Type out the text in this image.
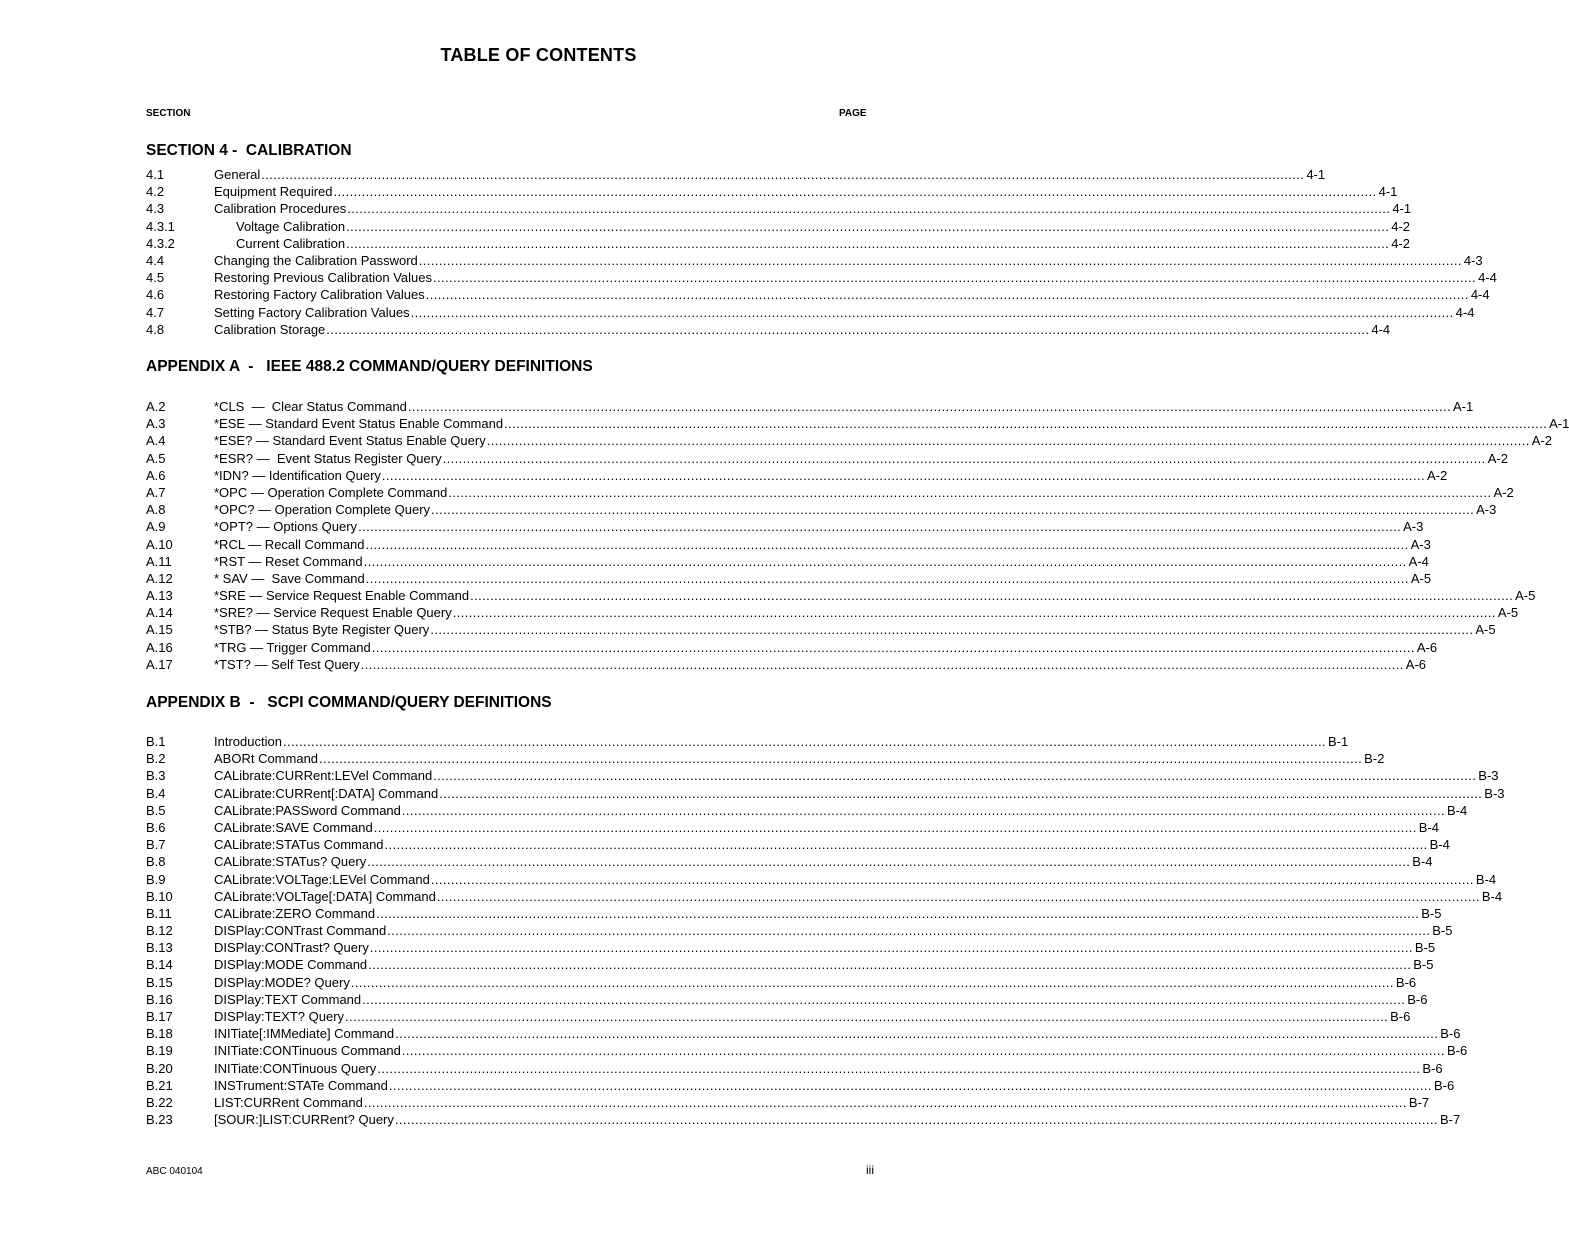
TABLE OF CONTENTS
SECTION	PAGE
SECTION 4 -  CALIBRATION
4.1	General .................................................................................................................................................................................................................................................................... 4-1
4.2	Equipment Required .................................................................................................................................................................................................................................................................... 4-1
4.3	Calibration Procedures .................................................................................................................................................................................................................................................................... 4-1
4.3.1	Voltage Calibration .................................................................................................................................................................................................................................................................... 4-2
4.3.2	Current Calibration .................................................................................................................................................................................................................................................................... 4-2
4.4	Changing the Calibration Password .................................................................................................................................................................................................................................................................... 4-3
4.5	Restoring Previous Calibration Values .................................................................................................................................................................................................................................................................... 4-4
4.6	Restoring Factory Calibration Values .................................................................................................................................................................................................................................................................... 4-4
4.7	Setting Factory Calibration Values .................................................................................................................................................................................................................................................................... 4-4
4.8	Calibration Storage .................................................................................................................................................................................................................................................................... 4-4
APPENDIX A  -   IEEE 488.2 COMMAND/QUERY DEFINITIONS
A.2	*CLS  —  Clear Status Command .................................................................................................................................................................................................................................................................... A-1
A.3	*ESE — Standard Event Status Enable Command .................................................................................................................................................................................................................................................................... A-1
A.4	*ESE? — Standard Event Status Enable Query .................................................................................................................................................................................................................................................................... A-2
A.5	*ESR? —  Event Status Register Query .................................................................................................................................................................................................................................................................... A-2
A.6	*IDN? — Identification Query .................................................................................................................................................................................................................................................................... A-2
A.7	*OPC — Operation Complete Command .................................................................................................................................................................................................................................................................... A-2
A.8	*OPC? — Operation Complete Query .................................................................................................................................................................................................................................................................... A-3
A.9	*OPT? — Options Query .................................................................................................................................................................................................................................................................... A-3
A.10	*RCL — Recall Command .................................................................................................................................................................................................................................................................... A-3
A.11	*RST — Reset Command .................................................................................................................................................................................................................................................................... A-4
A.12	* SAV —  Save Command .................................................................................................................................................................................................................................................................... A-5
A.13	*SRE — Service Request Enable Command .................................................................................................................................................................................................................................................................... A-5
A.14	*SRE? — Service Request Enable Query .................................................................................................................................................................................................................................................................... A-5
A.15	*STB? — Status Byte Register Query .................................................................................................................................................................................................................................................................... A-5
A.16	*TRG — Trigger Command .................................................................................................................................................................................................................................................................... A-6
A.17	*TST? — Self Test Query .................................................................................................................................................................................................................................................................... A-6
APPENDIX B  -   SCPI COMMAND/QUERY DEFINITIONS
B.1	Introduction .................................................................................................................................................................................................................................................................... B-1
B.2	ABORt Command .................................................................................................................................................................................................................................................................... B-2
B.3	CALibrate:CURRent:LEVel Command .................................................................................................................................................................................................................................................................... B-3
B.4	CALibrate:CURRent[:DATA] Command .................................................................................................................................................................................................................................................................... B-3
B.5	CALibrate:PASSword Command .................................................................................................................................................................................................................................................................... B-4
B.6	CALibrate:SAVE Command .................................................................................................................................................................................................................................................................... B-4
B.7	CALibrate:STATus Command .................................................................................................................................................................................................................................................................... B-4
B.8	CALibrate:STATus? Query .................................................................................................................................................................................................................................................................... B-4
B.9	CALibrate:VOLTage:LEVel Command .................................................................................................................................................................................................................................................................... B-4
B.10	CALibrate:VOLTage[:DATA] Command .................................................................................................................................................................................................................................................................... B-4
B.11	CALibrate:ZERO Command .................................................................................................................................................................................................................................................................... B-5
B.12	DISPlay:CONTrast Command .................................................................................................................................................................................................................................................................... B-5
B.13	DISPlay:CONTrast? Query .................................................................................................................................................................................................................................................................... B-5
B.14	DISPlay:MODE Command .................................................................................................................................................................................................................................................................... B-5
B.15	DISPlay:MODE? Query .................................................................................................................................................................................................................................................................... B-6
B.16	DISPlay:TEXT Command .................................................................................................................................................................................................................................................................... B-6
B.17	DISPlay:TEXT? Query .................................................................................................................................................................................................................................................................... B-6
B.18	INITiate[:IMMediate] Command .................................................................................................................................................................................................................................................................... B-6
B.19	INITiate:CONTinuous Command .................................................................................................................................................................................................................................................................... B-6
B.20	INITiate:CONTinuous Query .................................................................................................................................................................................................................................................................... B-6
B.21	INSTrument:STATe Command .................................................................................................................................................................................................................................................................... B-6
B.22	LIST:CURRent Command .................................................................................................................................................................................................................................................................... B-7
B.23	[SOUR:]LIST:CURRent? Query .................................................................................................................................................................................................................................................................... B-7
ABC 040104	iii
